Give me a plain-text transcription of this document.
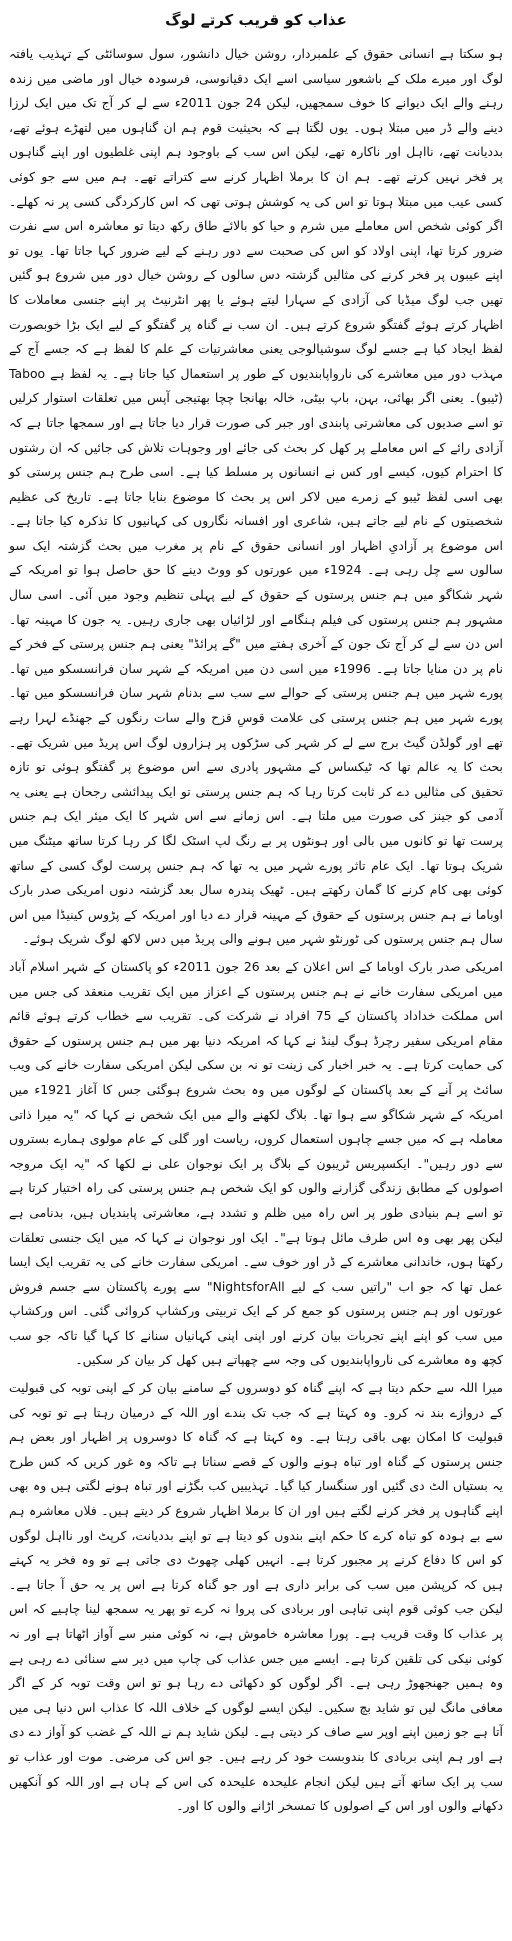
عذاب کو قریب کرتے لوگ

ہو سکتا ہے انسانی حقوق کے علمبردار، روشن خیال دانشور، سول سوسائٹی کے تہذیب یافتہ لوگ اور میرے ملک کے باشعور سیاسی اسے ایک دقیانوسی، فرسودہ خیال اور ماضی میں زندہ رہنے والے ایک دیوانے کا خوف سمجھیں، لیکن 24 جون 2011ء سے لے کر آج تک میں ایک لرزا دینے والے ڈر میں مبتلا ہوں۔ یوں لگتا ہے کہ بحیثیت قوم ہم ان گناہوں میں لتھڑے ہوئے تھے، بددیانت تھے، نااہل اور ناکارہ تھے، لیکن اس سب کے باوجود ہم اپنی غلطیوں اور اپنے گناہوں پر فخر نہیں کرتے تھے۔ ہم ان کا برملا اظہار کرنے سے کتراتے تھے۔ ہم میں سے جو کوئی کسی عیب میں مبتلا ہوتا تو اس کی یہ کوشش ہوتی تھی کہ اس کارکردگی کسی پر نہ کھلے۔ اگر کوئی شخص اس معاملے میں شرم و حیا کو بالائے طاق رکھ دیتا تو معاشرہ اس سے نفرت ضرور کرتا تھا، اپنی اولاد کو اس کی صحبت سے دور رہنے کے لیے ضرور کہا جاتا تھا۔ یوں تو اپنے عیبوں پر فخر کرنے کی مثالیں گزشتہ دس سالوں کے روشن خیال دور میں شروع ہو گئیں تھیں جب لوگ میڈیا کی آزادی کے سہارا لیتے ہوئے یا پھر انٹرنیٹ پر اپنے جنسی معاملات کا اظہار کرتے ہوئے گفتگو شروع کرتے ہیں۔ ان سب نے گناہ پر گفتگو کے لیے ایک بڑا خوبصورت لفظ ایجاد کیا ہے جسے لوگ سوشیالوجی یعنی معاشرتیات کے علم کا لفظ ہے کہ جسے آج کے مہذب دور میں معاشرے کی نارواپابندیوں کے طور پر استعمال کیا جاتا ہے۔ یہ لفظ ہے Taboo (ٹیبو)۔ یعنی اگر بھائی، بہن، باپ بیٹی، خالہ بھانجا چچا بھتیجی آپس میں تعلقات استوار کرلیں تو اسے صدیوں کی معاشرتی پابندی اور جبر کی صورت قرار دیا جاتا ہے اور سمجھا جاتا ہے کہ آزادی رائے کے اس معاملے پر کھل کر بحث کی جائے اور وجوہات تلاش کی جائیں کہ ان رشتوں کا احترام کیوں، کیسے اور کس نے انسانوں پر مسلط کیا ہے۔ اسی طرح ہم جنس پرستی کو بھی اسی لفظ ٹیبو کے زمرے میں لاکر اس پر بحث کا موضوع بنایا جاتا ہے۔ تاریخ کی عظیم شخصیتوں کے نام لیے جاتے ہیں، شاعری اور افسانہ نگاروں کی کہانیوں کا تذکرہ کیا جاتا ہے۔ اس موضوع پر آزادیِ اظہار اور انسانی حقوق کے نام پر مغرب میں بحث گزشتہ ایک سو سالوں سے چل رہی ہے۔ 1924ء میں عورتوں کو ووٹ دینے کا حق حاصل ہوا تو امریکہ کے شہر شکاگو میں ہم جنس پرستوں کے حقوق کے لیے پہلی تنظیم وجود میں آئی۔ اسی سال مشہور ہم جنس پرستوں کی فیلم ہنگامے اور لڑائیاں بھی جاری رہیں۔ یہ جون کا مہینہ تھا۔ اس دن سے لے کر آج تک جون کے آخری ہفتے میں "گے پرائڈ" یعنی ہم جنس پرستی کے فخر کے نام پر دن منایا جاتا ہے۔ 1996ء میں اسی دن میں امریکہ کے شہر سان فرانسسکو میں تھا۔ پورے شہر میں ہم جنس پرستی کے حوالے سے سب سے بدنام شہر سان فرانسسکو میں تھا۔ پورے شہر میں ہم جنس پرستی کی علامت قوسِ قزح والے سات رنگوں کے جھنڈے لہرا رہے تھے اور گولڈن گیٹ برج سے لے کر شہر کی سڑکوں پر ہزاروں لوگ اس پریڈ میں شریک تھے۔ بحث کا یہ عالم تھا کہ ٹیکساس کے مشہور پادری سے اس موضوع پر گفتگو ہوئی تو تازہ تحقیق کی مثالیں دے کر ثابت کرتا رہا کہ ہم جنس پرستی تو ایک پیدائشی رجحان ہے یعنی یہ آدمی کو جینز کی صورت میں ملتا ہے۔ اس زمانے سے اس شہر کا ایک میئر ایک ہم جنس پرست تھا تو کانوں میں بالی اور ہونٹوں پر بے رنگ لپ اسٹک لگا کر رہا کرتا ساتھ میٹنگ میں شریک ہوتا تھا۔ ایک عام تاثر پورے شہر میں یہ تھا کہ ہم جنس پرست لوگ کسی کے ساتھ کوئی بھی کام کرنے کا گمان رکھتے ہیں۔ ٹھیک پندرہ سال بعد گزشتہ دنوں امریکی صدر بارک اوباما نے ہم جنس پرستوں کے حقوق کے مہینہ قرار دے دیا اور امریکہ کے پڑوس کینیڈا میں اس سال ہم جنس پرستوں کی ٹورنٹو شہر میں ہونے والی پریڈ میں دس لاکھ لوگ شریک ہوئے۔

امریکی صدر بارک اوباما کے اس اعلان کے بعد 26 جون 2011ء کو پاکستان کے شہر اسلام آباد میں امریکی سفارت خانے نے ہم جنس پرستوں کے اعزاز میں ایک تقریب منعقد کی جس میں اس مملکت خداداد پاکستان کے 75 افراد نے شرکت کی۔ تقریب سے خطاب کرتے ہوئے قائم مقام امریکی سفیر رچرڈ ہوگ لینڈ نے کہا کہ امریکہ دنیا بھر میں ہم جنس پرستوں کے حقوق کی حمایت کرتا ہے۔ یہ خبر اخبار کی زینت تو نہ بن سکی لیکن امریکی سفارت خانے کی ویب سائٹ پر آنے کے بعد پاکستان کے لوگوں میں وہ بحث شروع ہوگئی جس کا آغاز 1921ء میں امریکہ کے شہر شکاگو سے ہوا تھا۔ بلاگ لکھنے والے میں ایک شخص نے کہا کہ "یہ میرا ذاتی معاملہ ہے کہ میں جسے چاہوں استعمال کروں، ریاست اور گلی کے عام مولوی ہمارے بستروں سے دور رہیں"۔ ایکسپریس ٹریبون کے بلاگ پر ایک نوجوان علی نے لکھا کہ "یہ ایک مروجہ اصولوں کے مطابق زندگی گزارنے والوں کو ایک شخص ہم جنس پرستی کی راہ اختیار کرتا ہے تو اسے ہم بنیادی طور پر اس راہ میں ظلم و تشدد ہے، معاشرتی پابندیاں ہیں، بدنامی ہے لیکن پھر بھی وہ اس طرف مائل ہوتا ہے"۔ ایک اور نوجوان نے کہا کہ میں ایک جنسی تعلقات رکھتا ہوں، خاندانی معاشرے کے ڈر اور خوف سے۔ امریکی سفارت خانے کی یہ تقریب ایک ایسا عمل تھا کہ جو اب "راتیں سب کے لیے NightsforAll" سے پورے پاکستان سے جسم فروش عورتوں اور ہم جنس پرستوں کو جمع کر کے ایک تربیتی ورکشاپ کروائی گئی۔ اس ورکشاپ میں سب کو اپنے اپنے تجربات بیان کرنے اور اپنی اپنی کہانیاں سنانے کا کہا گیا تاکہ جو سب کچھ وہ معاشرے کی نارواپابندیوں کی وجہ سے چھپاتے ہیں کھل کر بیان کر سکیں۔

میرا اللہ سے حکم دیتا ہے کہ اپنے گناہ کو دوسروں کے سامنے بیان کر کے اپنی توبہ کی قبولیت کے دروازے بند نہ کرو۔ وہ کہتا ہے کہ جب تک بندے اور اللہ کے درمیان رہتا ہے تو توبہ کی قبولیت کا امکان بھی باقی رہتا ہے۔ وہ کہتا ہے کہ گناہ کا دوسروں پر اظہار اور بعض ہم جنس پرستوں کے گناہ اور تباہ ہونے والوں کے قصے سناتا ہے تاکہ وہ غور کریں کہ کس طرح یہ بستیاں الٹ دی گئیں اور سنگسار کیا گیا۔ تہذیبیں کب بگڑنے اور تباہ ہونے لگتی ہیں وہ بھی اپنے گناہوں پر فخر کرنے لگتے ہیں اور ان کا برملا اظہار شروع کر دیتے ہیں۔ فلاں معاشرہ ہم سے بے ہودہ کو تباہ کرے کا حکم اپنے بندوں کو دیتا ہے تو اپنے بددیانت، کرپٹ اور نااہل لوگوں کو اس کا دفاع کرنے پر مجبور کرتا ہے۔ انہیں کھلی چھوٹ دی جاتی ہے تو وہ فخر یہ کہتے ہیں کہ کرپشن میں سب کی برابر داری ہے اور جو گناہ کرتا ہے اس پر یہ حق آ جاتا ہے۔ لیکن جب کوئی قوم اپنی تباہی اور بربادی کی پروا نہ کرے تو پھر یہ سمجھ لینا چاہیے کہ اس پر عذاب کا وقت قریب ہے۔ پورا معاشرہ خاموش ہے، نہ کوئی منبر سے آواز اٹھاتا ہے اور نہ کوئی نیکی کی تلقین کرتا ہے۔ ایسے میں جس عذاب کی چاپ میں دیر سے سنائی دے رہی ہے وہ ہمیں جھنجھوڑ رہی ہے۔ اگر لوگوں کو دکھائی دے رہا ہو تو اس وقت توبہ کر کے اگر معافی مانگ لیں تو شاید بچ سکیں۔ لیکن ایسے لوگوں کے خلاف اللہ کا عذاب اس دنیا ہی میں آتا ہے جو زمین اپنے اوپر سے صاف کر دیتی ہے۔ لیکن شاید ہم نے اللہ کے غضب کو آواز دے دی ہے اور ہم اپنی بربادی کا بندوبست خود کر رہے ہیں۔ جو اس کی مرضی۔ موت اور عذاب تو سب پر ایک ساتھ آتے ہیں لیکن انجام علیحدہ علیحدہ کی اس کے ہاں ہے اور اللہ کو آنکھیں دکھانے والوں اور اس کے اصولوں کا تمسخر اڑانے والوں کا اور۔
